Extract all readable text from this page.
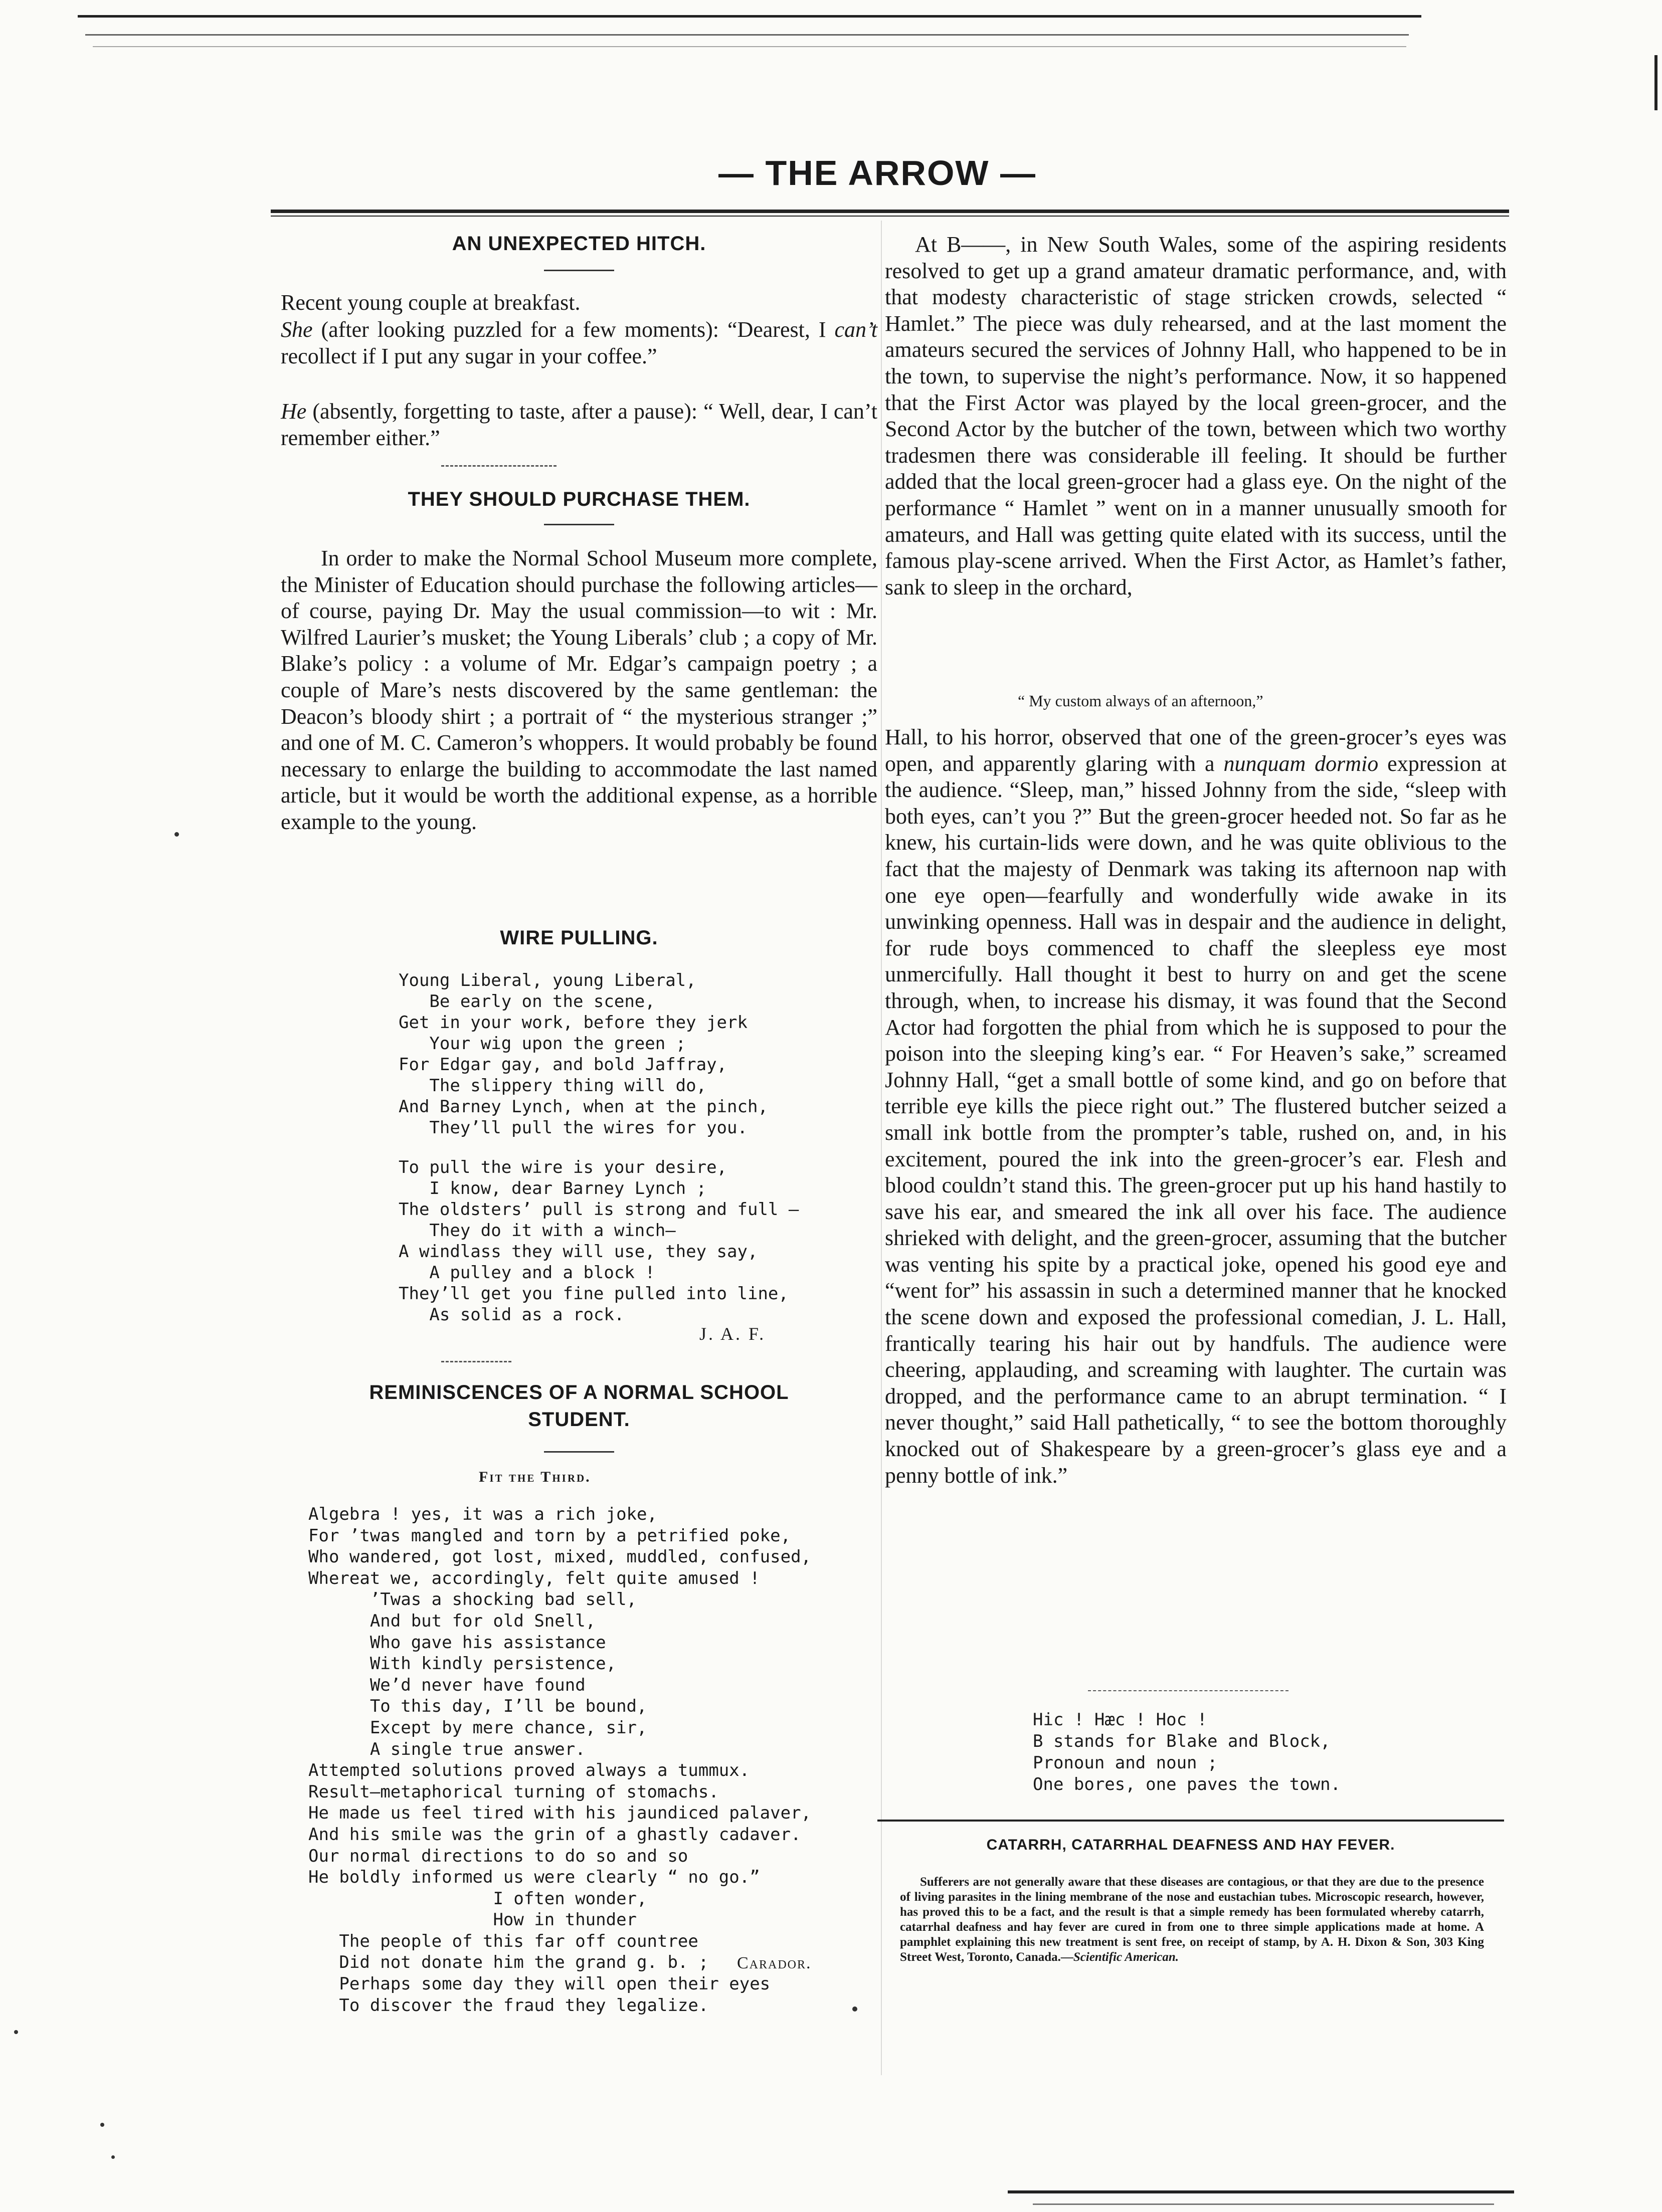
— THE ARROW —
AN UNEXPECTED HITCH.

Recent young couple at breakfast.

She (after looking puzzled for a few moments): “Dearest, I can’t recollect if I put any sugar in your coffee.”

He (absently, forgetting to taste, after a pause): “ Well, dear, I can’t remember either.”

THEY SHOULD PURCHASE THEM.

In order to make the Normal School Museum more complete, the Minister of Education should purchase the following articles—of course, paying Dr. May the usual commission—to wit : Mr. Wilfred Laurier’s musket; the Young Liberals’ club ; a copy of Mr. Blake’s policy : a volume of Mr. Edgar’s campaign poetry ; a couple of Mare’s nests discovered by the same gentleman: the Deacon’s bloody shirt ; a portrait of “ the mysterious stranger ;” and one of M. C. Cameron’s whoppers. It would probably be found necessary to enlarge the building to accommodate the last named article, but it would be worth the additional expense, as a horrible example to the young.

WIRE PULLING.
Young Liberal, young Liberal,
Be early on the scene,
Get in your work, before they jerk
Your wig upon the green ;
For Edgar gay, and bold Jaffray,
The slippery thing will do,
And Barney Lynch, when at the pinch,
They’ll pull the wires for you.
To pull the wire is your desire,
I know, dear Barney Lynch ;
The oldsters’ pull is strong and full —
They do it with a winch—
A windlass they will use, they say,
A pulley and a block !
They’ll get you fine pulled into line,
As solid as a rock.
J. A. F.
REMINISCENCES OF A NORMAL SCHOOL
STUDENT.
Fit the Third.
Algebra ! yes, it was a rich joke,
For ’twas mangled and torn by a petrified poke,
Who wandered, got lost, mixed, muddled, confused,
Whereat we, accordingly, felt quite amused !
’Twas a shocking bad sell,
And but for old Snell,
Who gave his assistance
With kindly persistence,
We’d never have found
To this day, I’ll be bound,
Except by mere chance, sir,
A single true answer.
Attempted solutions proved always a tummux.
Result—metaphorical turning of stomachs.
He made us feel tired with his jaundiced palaver,
And his smile was the grin of a ghastly cadaver.
Our normal directions to do so and so
He boldly informed us were clearly “ no go.”
I often wonder,
How in thunder
The people of this far off countree
Did not donate him the grand g. b. ;
Perhaps some day they will open their eyes
To discover the fraud they legalize.
Carador.

At B——, in New South Wales, some of the aspiring residents resolved to get up a grand amateur dramatic performance, and, with that modesty characteristic of stage stricken crowds, selected “ Hamlet.” The piece was duly rehearsed, and at the last moment the amateurs secured the services of Johnny Hall, who happened to be in the town, to supervise the night’s performance. Now, it so happened that the First Actor was played by the local green-grocer, and the Second Actor by the butcher of the town, between which two worthy tradesmen there was considerable ill feeling. It should be further added that the local green-grocer had a glass eye. On the night of the performance “ Hamlet ” went on in a manner unusually smooth for amateurs, and Hall was getting quite elated with its success, until the famous play-scene arrived. When the First Actor, as Hamlet’s father, sank to sleep in the orchard,

“ My custom always of an afternoon,”

Hall, to his horror, observed that one of the green-grocer’s eyes was open, and apparently glaring with a nunquam dormio expression at the audience. “Sleep, man,” hissed Johnny from the side, “sleep with both eyes, can’t you ?” But the green-grocer heeded not. So far as he knew, his curtain-lids were down, and he was quite oblivious to the fact that the majesty of Denmark was taking its afternoon nap with one eye open—fearfully and wonderfully wide awake in its unwinking openness. Hall was in despair and the audience in delight, for rude boys commenced to chaff the sleepless eye most unmercifully. Hall thought it best to hurry on and get the scene through, when, to increase his dismay, it was found that the Second Actor had forgotten the phial from which he is supposed to pour the poison into the sleeping king’s ear. “ For Heaven’s sake,” screamed Johnny Hall, “get a small bottle of some kind, and go on before that terrible eye kills the piece right out.” The flustered butcher seized a small ink bottle from the prompter’s table, rushed on, and, in his excitement, poured the ink into the green-grocer’s ear. Flesh and blood couldn’t stand this. The green-grocer put up his hand hastily to save his ear, and smeared the ink all over his face. The audience shrieked with delight, and the green-grocer, assuming that the butcher was venting his spite by a practical joke, opened his good eye and “went for” his assassin in such a determined manner that he knocked the scene down and exposed the professional comedian, J. L. Hall, frantically tearing his hair out by handfuls. The audience were cheering, applauding, and screaming with laughter. The curtain was dropped, and the performance came to an abrupt termination. “ I never thought,” said Hall pathetically, “ to see the bottom thoroughly knocked out of Shakespeare by a green-grocer’s glass eye and a penny bottle of ink.”

Hic ! Hæc ! Hoc !
B stands for Blake and Block,
Pronoun and noun ;
One bores, one paves the town.
CATARRH, CATARRHAL DEAFNESS AND HAY FEVER.

Sufferers are not generally aware that these diseases are contagious, or that they are due to the presence of living parasites in the lining membrane of the nose and eustachian tubes. Microscopic research, however, has proved this to be a fact, and the result is that a simple remedy has been formulated whereby catarrh, catarrhal deafness and hay fever are cured in from one to three simple applications made at home. A pamphlet explaining this new treatment is sent free, on receipt of stamp, by A. H. Dixon & Son, 303 King Street West, Toronto, Canada.—Scientific American.
